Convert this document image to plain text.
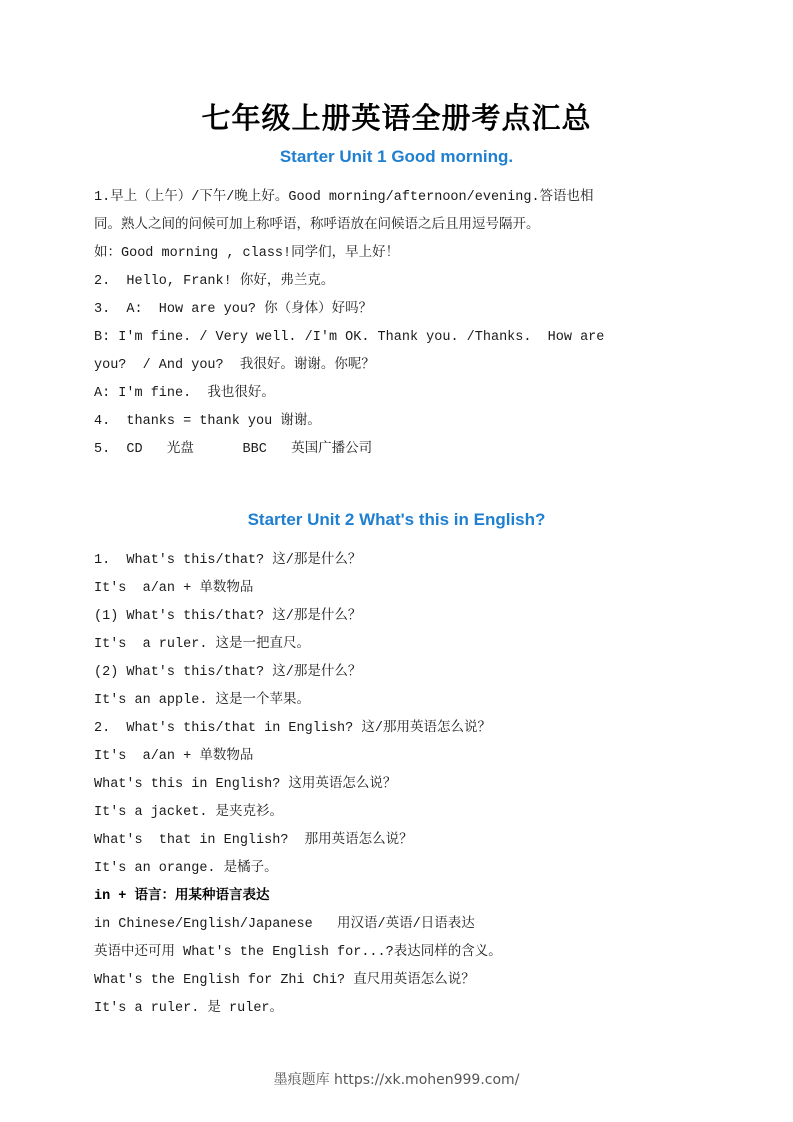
七年级上册英语全册考点汇总
Starter Unit 1 Good morning.
1.早上（上午）/下午/晚上好。Good morning/afternoon/evening.答语也相
同。熟人之间的问候可加上称呼语，称呼语放在问候语之后且用逗号隔开。
如：Good morning , class!同学们，早上好！
2.  Hello, Frank! 你好，弗兰克。
3.  A:  How are you? 你（身体）好吗？
B: I'm fine. / Very well. /I'm OK. Thank you. /Thanks.  How are
you?  / And you?  我很好。谢谢。你呢？
A: I'm fine.  我也很好。
4.  thanks = thank you 谢谢。
5.  CD   光盘      BBC   英国广播公司
Starter Unit 2 What's this in English?
1.  What's this/that? 这/那是什么？
It's  a/an + 单数物品
(1) What's this/that? 这/那是什么？
It's  a ruler. 这是一把直尺。
(2) What's this/that? 这/那是什么？
It's an apple. 这是一个苹果。
2.  What's this/that in English? 这/那用英语怎么说？
It's  a/an + 单数物品
What's this in English? 这用英语怎么说？
It's a jacket. 是夹克衫。
What's  that in English?  那用英语怎么说？
It's an orange. 是橘子。
in + 语言：用某种语言表达
in Chinese/English/Japanese   用汉语/英语/日语表达
英语中还可用 What's the English for...?表达同样的含义。
What's the English for Zhi Chi? 直尺用英语怎么说？
It's a ruler. 是 ruler。
墨痕题库 https://xk.mohen999.com/
